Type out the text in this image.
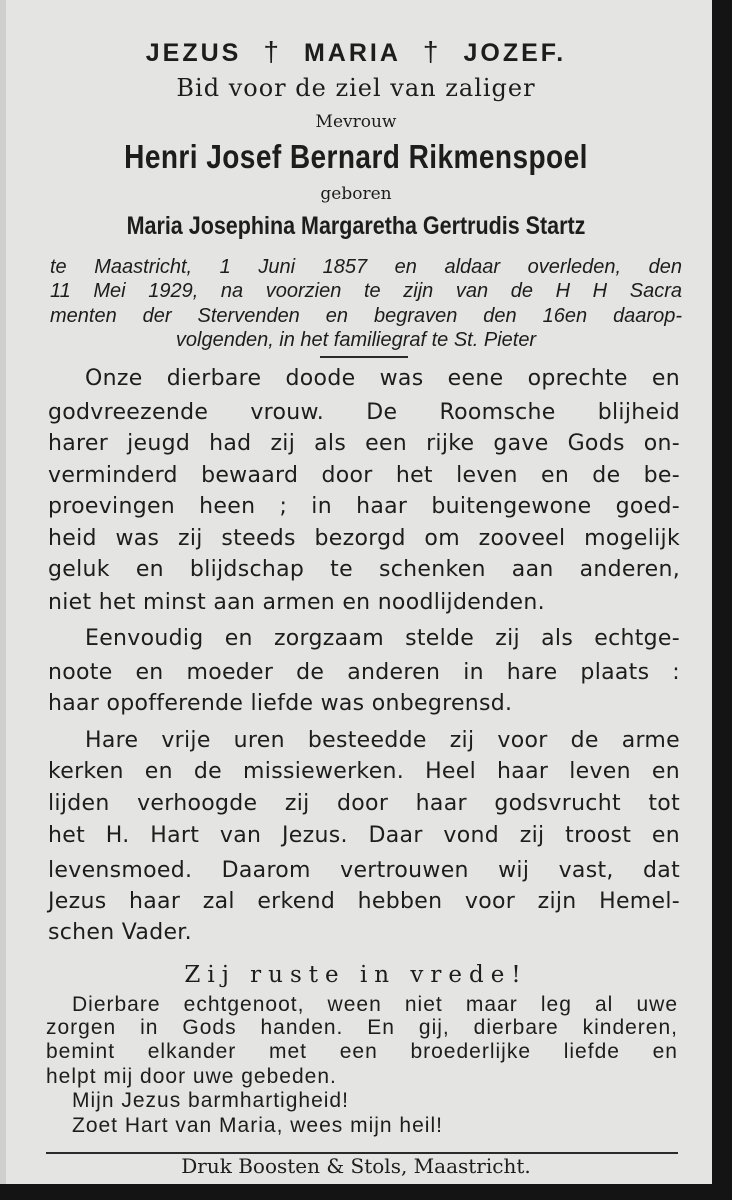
JEZUS † MARIA † JOZEF.
Bid voor de ziel van zaliger
Mevrouw
Henri Josef Bernard Rikmenspoel
geboren
Maria Josephina Margaretha Gertrudis Startz
te Maastricht, 1 Juni 1857 en aldaar overleden, den
11 Mei 1929, na voorzien te zijn van de H H Sacra
menten der Stervenden en begraven den 16en daarop-
volgenden, in het familiegraf te St. Pieter
Onze dierbare doode was eene oprechte en
godvreezende vrouw. De Roomsche blijheid
harer jeugd had zij als een rijke gave Gods on-
verminderd bewaard door het leven en de be-
proevingen heen ; in haar buitengewone goed-
heid was zij steeds bezorgd om zooveel mogelijk
geluk en blijdschap te schenken aan anderen,
niet het minst aan armen en noodlijdenden.
Eenvoudig en zorgzaam stelde zij als echtge-
noote en moeder de anderen in hare plaats :
haar opofferende liefde was onbegrensd.
Hare vrije uren besteedde zij voor de arme
kerken en de missiewerken. Heel haar leven en
lijden verhoogde zij door haar godsvrucht tot
het H. Hart van Jezus. Daar vond zij troost en
levensmoed. Daarom vertrouwen wij vast, dat
Jezus haar zal erkend hebben voor zijn Hemel-
schen Vader.
Zij ruste in vrede!
Dierbare echtgenoot, ween niet maar leg al uwe
zorgen in Gods handen. En gij, dierbare kinderen,
bemint elkander met een broederlijke liefde en
helpt mij door uwe gebeden.
Mijn Jezus barmhartigheid!
Zoet Hart van Maria, wees mijn heil!
Druk Boosten & Stols, Maastricht.
